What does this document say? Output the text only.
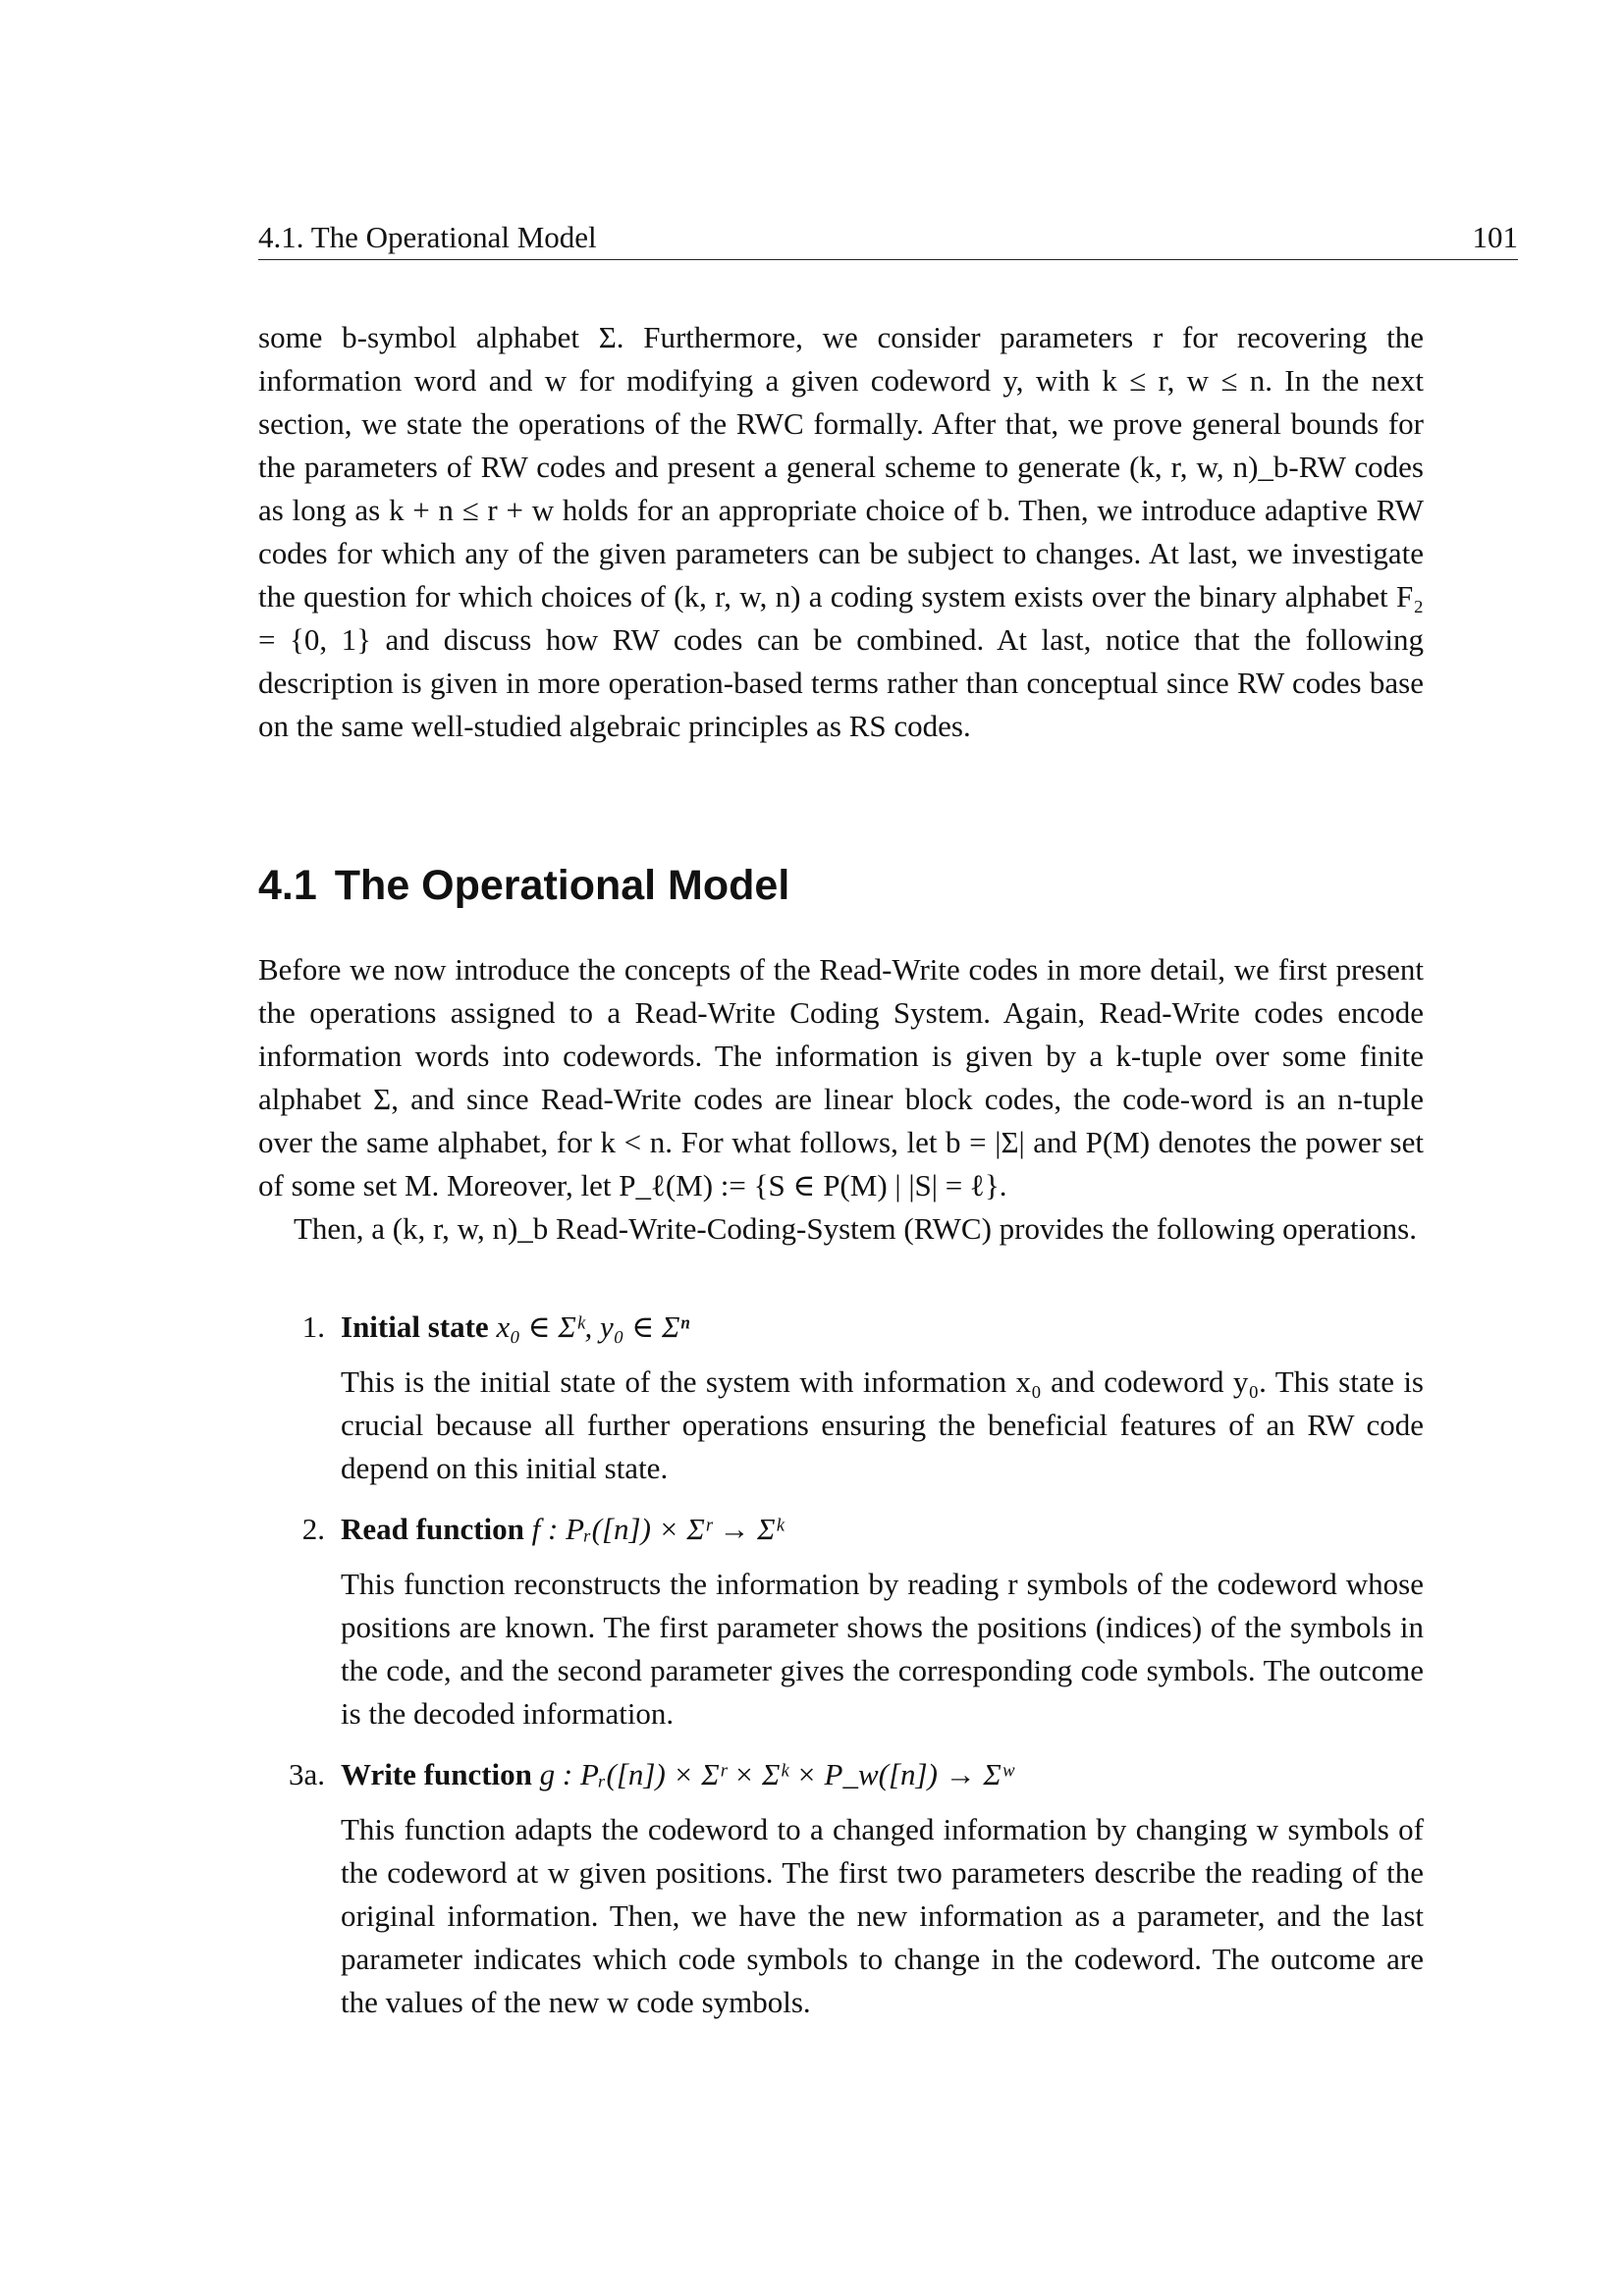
4.1. The Operational Model	101

some b-symbol alphabet Σ. Furthermore, we consider parameters r for recovering the information word and w for modifying a given codeword y, with k ≤ r, w ≤ n. In the next section, we state the operations of the RWC formally. After that, we prove general bounds for the parameters of RW codes and present a general scheme to generate (k, r, w, n)_b-RW codes as long as k + n ≤ r + w holds for an appropriate choice of b. Then, we introduce adaptive RW codes for which any of the given parameters can be subject to changes. At last, we investigate the question for which choices of (k, r, w, n) a coding system exists over the binary alphabet F₂ = {0, 1} and discuss how RW codes can be combined. At last, notice that the following description is given in more operation-based terms rather than conceptual since RW codes base on the same well-studied algebraic principles as RS codes.

4.1 The Operational Model

Before we now introduce the concepts of the Read-Write codes in more detail, we first present the operations assigned to a Read-Write Coding System. Again, Read-Write codes encode information words into codewords. The information is given by a k-tuple over some finite alphabet Σ, and since Read-Write codes are linear block codes, the code-word is an n-tuple over the same alphabet, for k < n. For what follows, let b = |Σ| and P(M) denotes the power set of some set M. Moreover, let P_ℓ(M) := {S ∈ P(M) | |S| = ℓ}.

Then, a (k, r, w, n)_b Read-Write-Coding-System (RWC) provides the following operations.

1. Initial state x₀ ∈ Σᵏ, y₀ ∈ Σⁿ
This is the initial state of the system with information x₀ and codeword y₀. This state is crucial because all further operations ensuring the beneficial features of an RW code depend on this initial state.
2. Read function f : Pᵣ([n]) × Σʳ → Σᵏ
This function reconstructs the information by reading r symbols of the codeword whose positions are known. The first parameter shows the positions (indices) of the symbols in the code, and the second parameter gives the corresponding code symbols. The outcome is the decoded information.
3a. Write function g : Pᵣ([n]) × Σʳ × Σᵏ × P_w([n]) → Σʷ
This function adapts the codeword to a changed information by changing w symbols of the codeword at w given positions. The first two parameters describe the reading of the original information. Then, we have the new information as a parameter, and the last parameter indicates which code symbols to change in the codeword. The outcome are the values of the new w code symbols.
